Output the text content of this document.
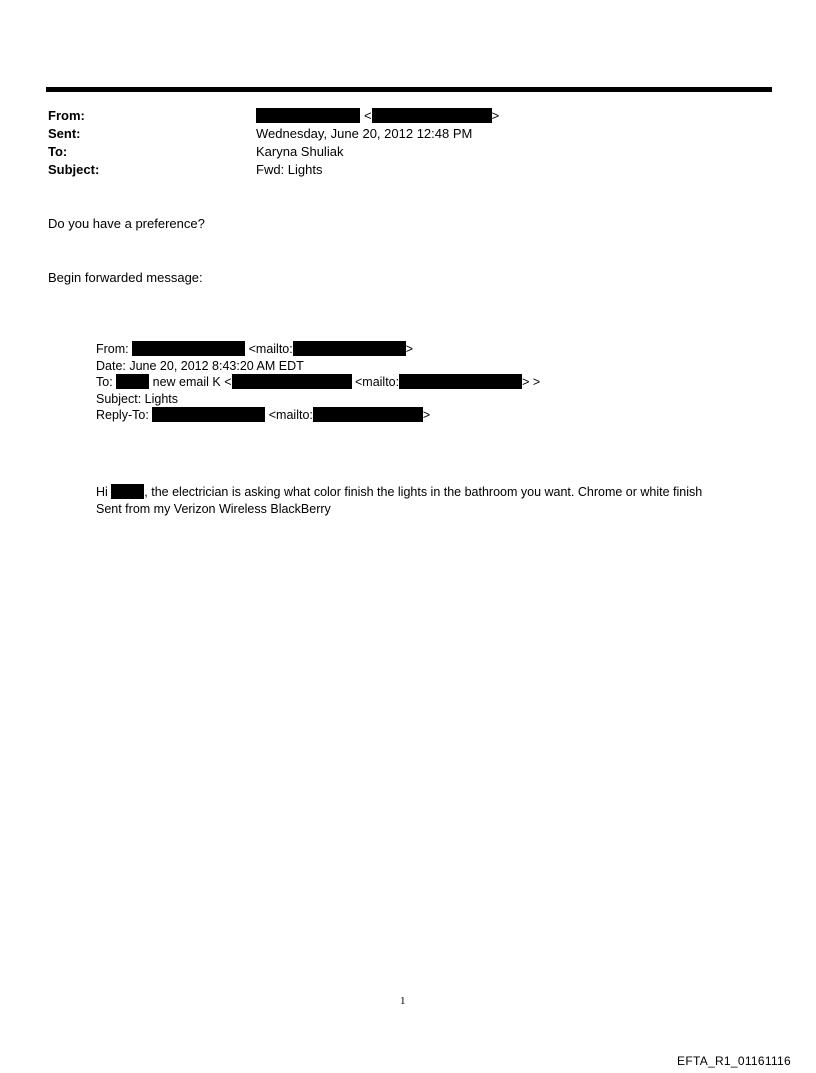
From:	<	>
Sent:	Wednesday, June 20, 2012 12:48 PM
To:	Karyna Shuliak
Subject:	Fwd: Lights
Do you have a preference?
Begin forwarded message:
From:	<mailto:	>
Date: June 20, 2012 8:43:20 AM EDT
To:	new email K <	<mailto:	> >
Subject: Lights
Reply-To:	<mailto:	>
Hi	, the electrician is asking what color finish the lights in the bathroom you want. Chrome or white finish
Sent from my Verizon Wireless BlackBerry
1
EFTA_R1_01161116
